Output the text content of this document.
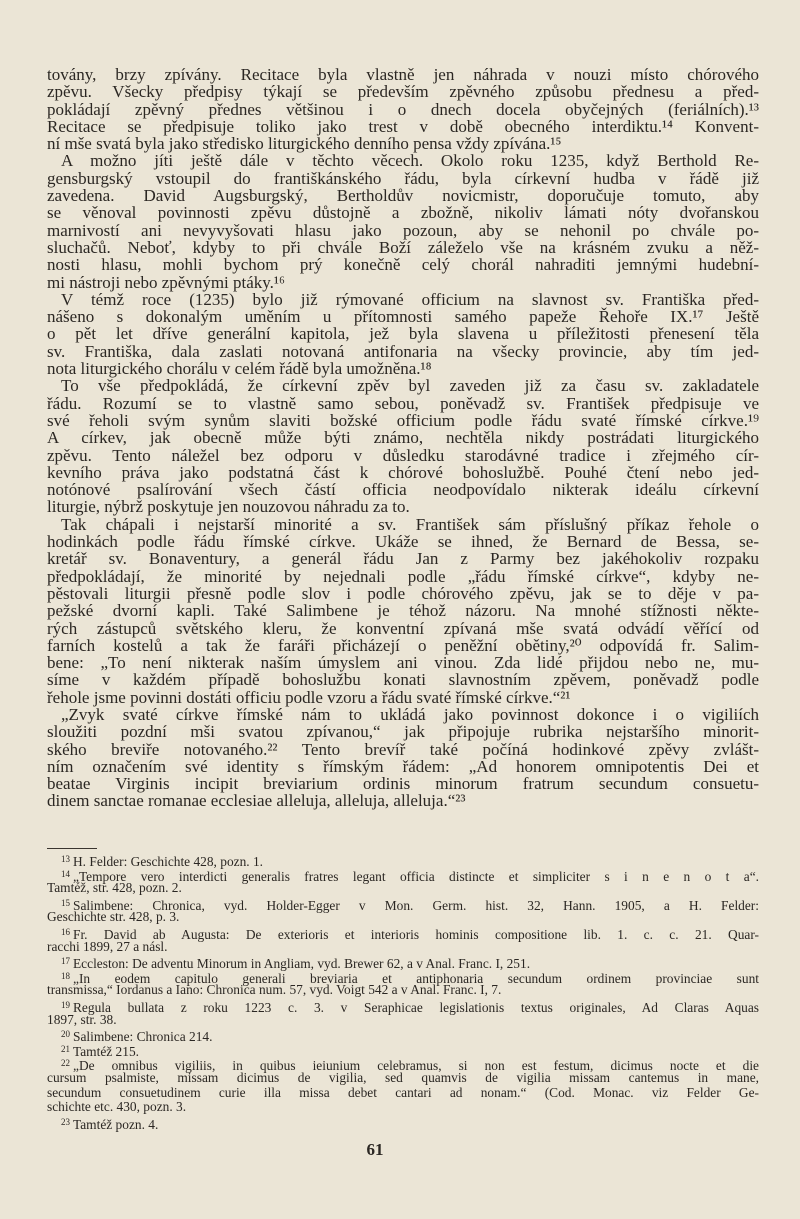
továny, brzy zpívány. Recitace byla vlastně jen náhrada v nouzi místo chórového
zpěvu. Všecky předpisy týkají se především zpěvného způsobu přednesu a před-
pokládají zpěvný přednes většinou i o dnech docela obyčejných (feriálních).¹³
Recitace se předpisuje toliko jako trest v době obecného interdiktu.¹⁴ Konvent-
ní mše svatá byla jako středisko liturgického denního pensa vždy zpívána.¹⁵
A možno jíti ještě dále v těchto věcech. Okolo roku 1235, když Berthold Re-
gensburgský vstoupil do františkánského řádu, byla církevní hudba v řádě již
zavedena. David Augsburgský, Bertholdův novicmistr, doporučuje tomuto, aby
se věnoval povinnosti zpěvu důstojně a zbožně, nikoliv lámati nóty dvořanskou
marnivostí ani nevyvyšovati hlasu jako pozoun, aby se nehonil po chvále po-
sluchačů. Neboť, kdyby to při chvále Boží záleželo vše na krásném zvuku a něž-
nosti hlasu, mohli bychom prý konečně celý chorál nahraditi jemnými hudební-
mi nástroji nebo zpěvnými ptáky.¹⁶
V témž roce (1235) bylo již rýmované officium na slavnost sv. Františka před-
nášeno s dokonalým uměním u přítomnosti samého papeže Řehoře IX.¹⁷ Ještě
o pět let dříve generální kapitola, jež byla slavena u příležitosti přenesení těla
sv. Františka, dala zaslati notovaná antifonaria na všecky provincie, aby tím jed-
nota liturgického chorálu v celém řádě byla umožněna.¹⁸
To vše předpokládá, že církevní zpěv byl zaveden již za času sv. zakladatele
řádu. Rozumí se to vlastně samo sebou, poněvadž sv. František předpisuje ve
své řeholi svým synům slaviti božské officium podle řádu svaté římské církve.¹⁹
A církev, jak obecně může býti známo, nechtěla nikdy postrádati liturgického
zpěvu. Tento náležel bez odporu v důsledku starodávné tradice i zřejmého cír-
kevního práva jako podstatná část k chórové bohoslužbě. Pouhé čtení nebo jed-
notónové psalírování všech částí officia neodpovídalo nikterak ideálu církevní
liturgie, nýbrž poskytuje jen nouzovou náhradu za to.
Tak chápali i nejstarší minorité a sv. František sám příslušný příkaz řehole o
hodinkách podle řádu římské církve. Ukáže se ihned, že Bernard de Bessa, se-
kretář sv. Bonaventury, a generál řádu Jan z Parmy bez jakéhokoliv rozpaku
předpokládají, že minorité by nejednali podle „řádu římské církve“, kdyby ne-
pěstovali liturgii přesně podle slov i podle chórového zpěvu, jak se to děje v pa-
pežské dvorní kapli. Také Salimbene je téhož názoru. Na mnohé stížnosti někte-
rých zástupců světského kleru, že konventní zpívaná mše svatá odvádí věřící od
farních kostelů a tak že faráři přicházejí o peněžní obětiny,²⁰ odpovídá fr. Salim-
bene: „To není nikterak naším úmyslem ani vinou. Zda lidé přijdou nebo ne, mu-
síme v každém případě bohoslužbu konati slavnostním zpěvem, poněvadž podle
řehole jsme povinni dostáti officiu podle vzoru a řádu svaté římské církve.“²¹
„Zvyk svaté církve římské nám to ukládá jako povinnost dokonce i o vigiliích
sloužiti pozdní mši svatou zpívanou,“ jak připojuje rubrika nejstaršího minorit-
ského breviře notovaného.²² Tento brevíř také počíná hodinkové zpěvy zvlášt-
ním označením své identity s římským řádem: „Ad honorem omnipotentis Dei et
beatae Virginis incipit breviarium ordinis minorum fratrum secundum consuetu-
dinem sanctae romanae ecclesiae alleluja, alleluja, alleluja.“²³
$^{13}$ H. Felder: Geschichte 428, pozn. 1.
$^{14}$ „Tempore vero interdicti generalis fratres legant officia distincte et simpliciter s i n e n o t a“.
Tamtéž, str. 428, pozn. 2.
$^{15}$ Salimbene: Chronica, vyd. Holder-Egger v Mon. Germ. hist. 32, Hann. 1905, a H. Felder:
Geschichte str. 428, p. 3.
$^{16}$ Fr. David ab Augusta: De exterioris et interioris hominis compositione lib. 1. c. c. 21. Quar-
racchi 1899, 27 a násl.
$^{17}$ Eccleston: De adventu Minorum in Angliam, vyd. Brewer 62, a v Anal. Franc. I, 251.
$^{18}$ „In eodem capitulo generali breviaria et antiphonaria secundum ordinem provinciae sunt
transmissa,“ Iordanus a Iano: Chronica num. 57, vyd. Voigt 542 a v Anal. Franc. I, 7.
$^{19}$ Regula bullata z roku 1223 c. 3. v Seraphicae legislationis textus originales, Ad Claras Aquas
1897, str. 38.
$^{20}$ Salimbene: Chronica 214.
$^{21}$ Tamtéž 215.
$^{22}$ „De omnibus vigiliis, in quibus ieiunium celebramus, si non est festum, dicimus nocte et die
cursum psalmiste, missam dicimus de vigilia, sed quamvis de vigilia missam cantemus in mane,
secundum consuetudinem curie illa missa debet cantari ad nonam.“ (Cod. Monac. viz Felder Ge-
schichte etc. 430, pozn. 3.
$^{23}$ Tamtéž pozn. 4.
61
